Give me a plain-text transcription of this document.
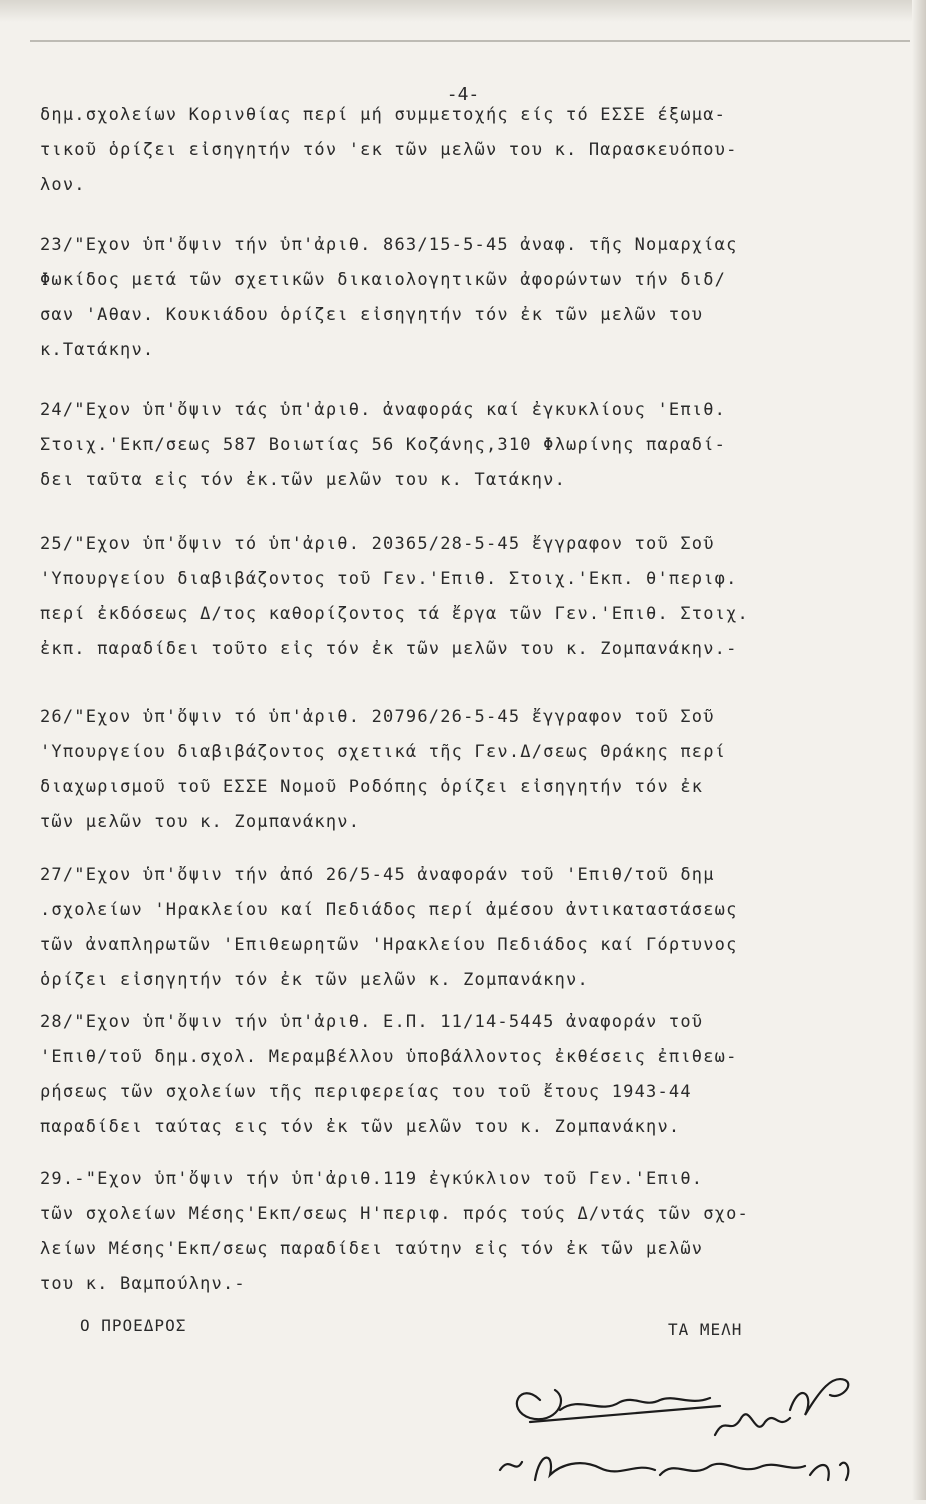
-4-
δημ.σχολείων Κορινθίας περί μή συμμετοχής είς τό ΕΣΣΕ έξωμα-
τικοῦ ὁρίζει εἰσηγητήν τόν 'εκ τῶν μελῶν του κ. Παρασκευόπου-
λον.
23/"Εχον ὑπ'ὄψιν τήν ὑπ'ἀριθ. 863/15-5-45 ἀναφ. τῆς Νομαρχίας
Φωκίδος μετά τῶν σχετικῶν δικαιολογητικῶν ἀφορώντων τήν διδ/
σαν 'Αθαν. Κουκιάδου ὁρίζει εἰσηγητήν τόν ἐκ τῶν μελῶν του
κ.Τατάκην.
24/"Εχον ὑπ'ὄψιν τάς ὑπ'ἀριθ. ἀναφοράς καί ἐγκυκλίους 'Επιθ.
Στοιχ.'Εκπ/σεως 587 Βοιωτίας 56 Κοζάνης,310 Φλωρίνης παραδί-
δει ταῦτα εἰς τόν ἐκ.τῶν μελῶν του κ. Τατάκην.
25/"Εχον ὑπ'ὄψιν τό ὑπ'ἀριθ. 20365/28-5-45 ἔγγραφον τοῦ Σοῦ
'Υπουργείου διαβιβάζοντος τοῦ Γεν.'Επιθ. Στοιχ.'Εκπ. θ'περιφ.
περί ἐκδόσεως Δ/τος καθορίζοντος τά ἔργα τῶν Γεν.'Επιθ. Στοιχ.
ἐκπ. παραδίδει τοῦτο εἰς τόν ἐκ τῶν μελῶν του κ. Ζομπανάκην.-
26/"Εχον ὑπ'ὄψιν τό ὑπ'ἀριθ. 20796/26-5-45 ἔγγραφον τοῦ Σοῦ
'Υπουργείου διαβιβάζοντος σχετικά τῆς Γεν.Δ/σεως Θράκης περί
διαχωρισμοῦ τοῦ ΕΣΣΕ Νομοῦ Ροδόπης ὁρίζει εἰσηγητήν τόν ἐκ
τῶν μελῶν του κ. Ζομπανάκην.
27/"Εχον ὑπ'ὄψιν τήν ἀπό 26/5-45 ἀναφοράν τοῦ 'Επιθ/τοῦ δημ
.σχολείων 'Ηρακλείου καί Πεδιάδος περί ἀμέσου ἀντικαταστάσεως
τῶν ἀναπληρωτῶν 'Επιθεωρητῶν 'Ηρακλείου Πεδιάδος καί Γόρτυνος
ὁρίζει εἰσηγητήν τόν ἐκ τῶν μελῶν κ. Ζομπανάκην.
28/"Εχον ὑπ'ὄψιν τήν ὑπ'ἀριθ. Ε.Π. 11/14-5445 ἀναφοράν τοῦ
'Επιθ/τοῦ δημ.σχολ. Μεραμβέλλου ὑποβάλλοντος ἐκθέσεις ἐπιθεω-
ρήσεως τῶν σχολείων τῆς περιφερείας του τοῦ ἔτους 1943-44
παραδίδει ταύτας εις τόν ἐκ τῶν μελῶν του κ. Ζομπανάκην.
29.-"Εχον ὑπ'ὄψιν τήν ὑπ'ἀριθ.119 ἐγκύκλιον τοῦ Γεν.'Επιθ.
τῶν σχολείων Μέσης'Εκπ/σεως Η'περιφ. πρός τούς Δ/ντάς τῶν σχο-
λείων Μέσης'Εκπ/σεως παραδίδει ταύτην εἰς τόν ἐκ τῶν μελῶν
του κ. Βαμπούλην.-
Ο ΠΡΟΕΔΡΟΣ	ΤΑ ΜΕΛΗ
